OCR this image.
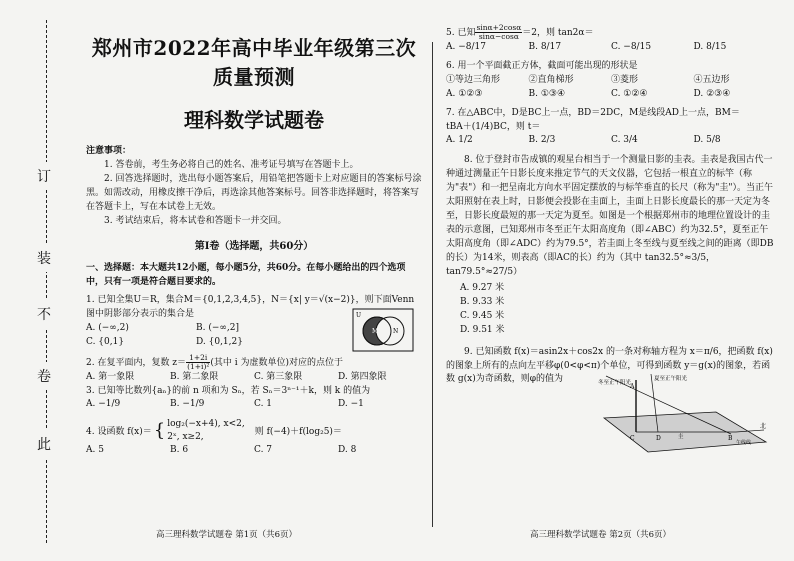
订
装
不
卷
此
郑州市2022年高中毕业年级第三次质量预测
理科数学试题卷

注意事项：

1. 答卷前，考生务必将自己的姓名、准考证号填写在答题卡上。

2. 回答选择题时，选出每小题答案后，用铅笔把答题卡上对应题目的答案标号涂黑。如需改动，用橡皮擦干净后，再选涂其他答案标号。回答非选择题时，将答案写在答题卡上，写在本试卷上无效。

3. 考试结束后，将本试卷和答题卡一并交回。

第Ⅰ卷（选择题，共60分）

一、选择题：本大题共12小题，每小题5分，共60分。在每小题给出的四个选项中，只有一项是符合题目要求的。

1. 已知全集U＝R，集合M＝{0,1,2,3,4,5}，N＝{x| y＝√(x−2)}，则下面Venn图中阴影部分表示的集合是

A. (−∞,2)	B. (−∞,2]
C. {0,1}	D. {0,1,2}
U
M N

2. 在复平面内，复数 $z= \frac{1+2i}{\text{(1+i)²}}$ (其中 i 为虚数单位)对应的点位于

A. 第一象限	B. 第二象限	C. 第三象限	D. 第四象限

3. 已知等比数列{aₙ}的前 n 项和为 Sₙ，若 Sₙ＝3ⁿ⁻¹＋k，则 k 的值为

A. −1/9	B. −1/9	C. 1	D. −1
4. 设函数 f(x)＝ { log₂(−x+4), x<2,
2ˣ, x≥2,	则 f(−4)＋f(log₂5)＝
A. 5	B. 6	C. 7	D. 8

5. 已知 $\frac{\sin\alpha+2\cos\alpha}{\sin\alpha-\cos\alpha} =2$，则 tan2α＝

A. −8/17	B. 8/17	C. −8/15	D. 8/15

6. 用一个平面截正方体，截面可能出现的形状是

①等边三角形	②直角梯形	③菱形	④五边形
A. ①②③	B. ①③④	C. ①②④	D. ②③④

7. 在△ABC中，D是BC上一点，BD＝2DC，M是线段AD上一点，BM＝

tBA＋(1/4)BC，则 t＝

A. 1/2	B. 2/3	C. 3/4	D. 5/8

8. 位于登封市告成镇的观星台相当于一个测量日影的圭表。圭表是我国古代一种通过测量正午日影长度来推定节气的天文仪器，它包括一根直立的标竿（称为"表"）和一把呈南北方向水平固定摆放的与标竿垂直的长尺（称为"圭"）。当正午太阳照射在表上时，日影便会投影在圭面上，圭面上日影长度最长的那一天定为冬至，日影长度最短的那一天定为夏至。如图是一个根据郑州市的地理位置设计的圭表的示意图，已知郑州市冬至正午太阳高度角（即∠ABC）约为32.5°，夏至正午太阳高度角（即∠ADC）约为79.5°，若圭面上冬至线与夏至线之间的距离（即DB的长）为14米，则表高（即AC的长）约为（其中 tan32.5°≈3/5，tan79.5°≈27/5）

A. 9.27 米

B. 9.33 米

C. 9.45 米

D. 9.51 米

9. 已知函数 f(x)＝asin2x＋cos2x 的一条对称轴方程为 x＝π/6，把函数 f(x)的图象上所有的点向左平移φ(0<φ<π)个单位，可得到函数 y＝g(x)的图象，若函数 g(x)为奇函数，则φ的值为	冬至正午阳光
夏至正午阳光
A
C	D	B
圭
午线线
北
高三理科数学试题卷 第1页（共6页）	高三理科数学试题卷 第2页（共6页）
